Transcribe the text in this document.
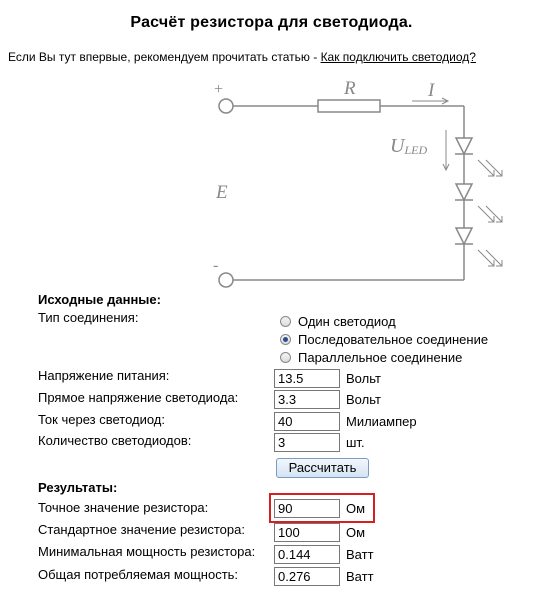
Расчёт резистора для светодиода.
Если Вы тут впервые, рекомендуем прочитать статью - Как подключить светодиод?
+
-
R	I
E
ULED
Исходные данные:
Тип соединения:	Один светодиод
Последовательное соединение
Параллельное соединение
Напряжение питания:
13.5	Вольт
Прямое напряжение светодиода:
3.3	Вольт
Ток через светодиод:
40	Милиампер
Количество светодиодов:
3	шт.
Рассчитать
Результаты:
Точное значение резистора:
90	Ом
Стандартное значение резистора:
100	Ом
Минимальная мощность резистора:
0.144	Ватт
Общая потребляемая мощность:
0.276	Ватт
